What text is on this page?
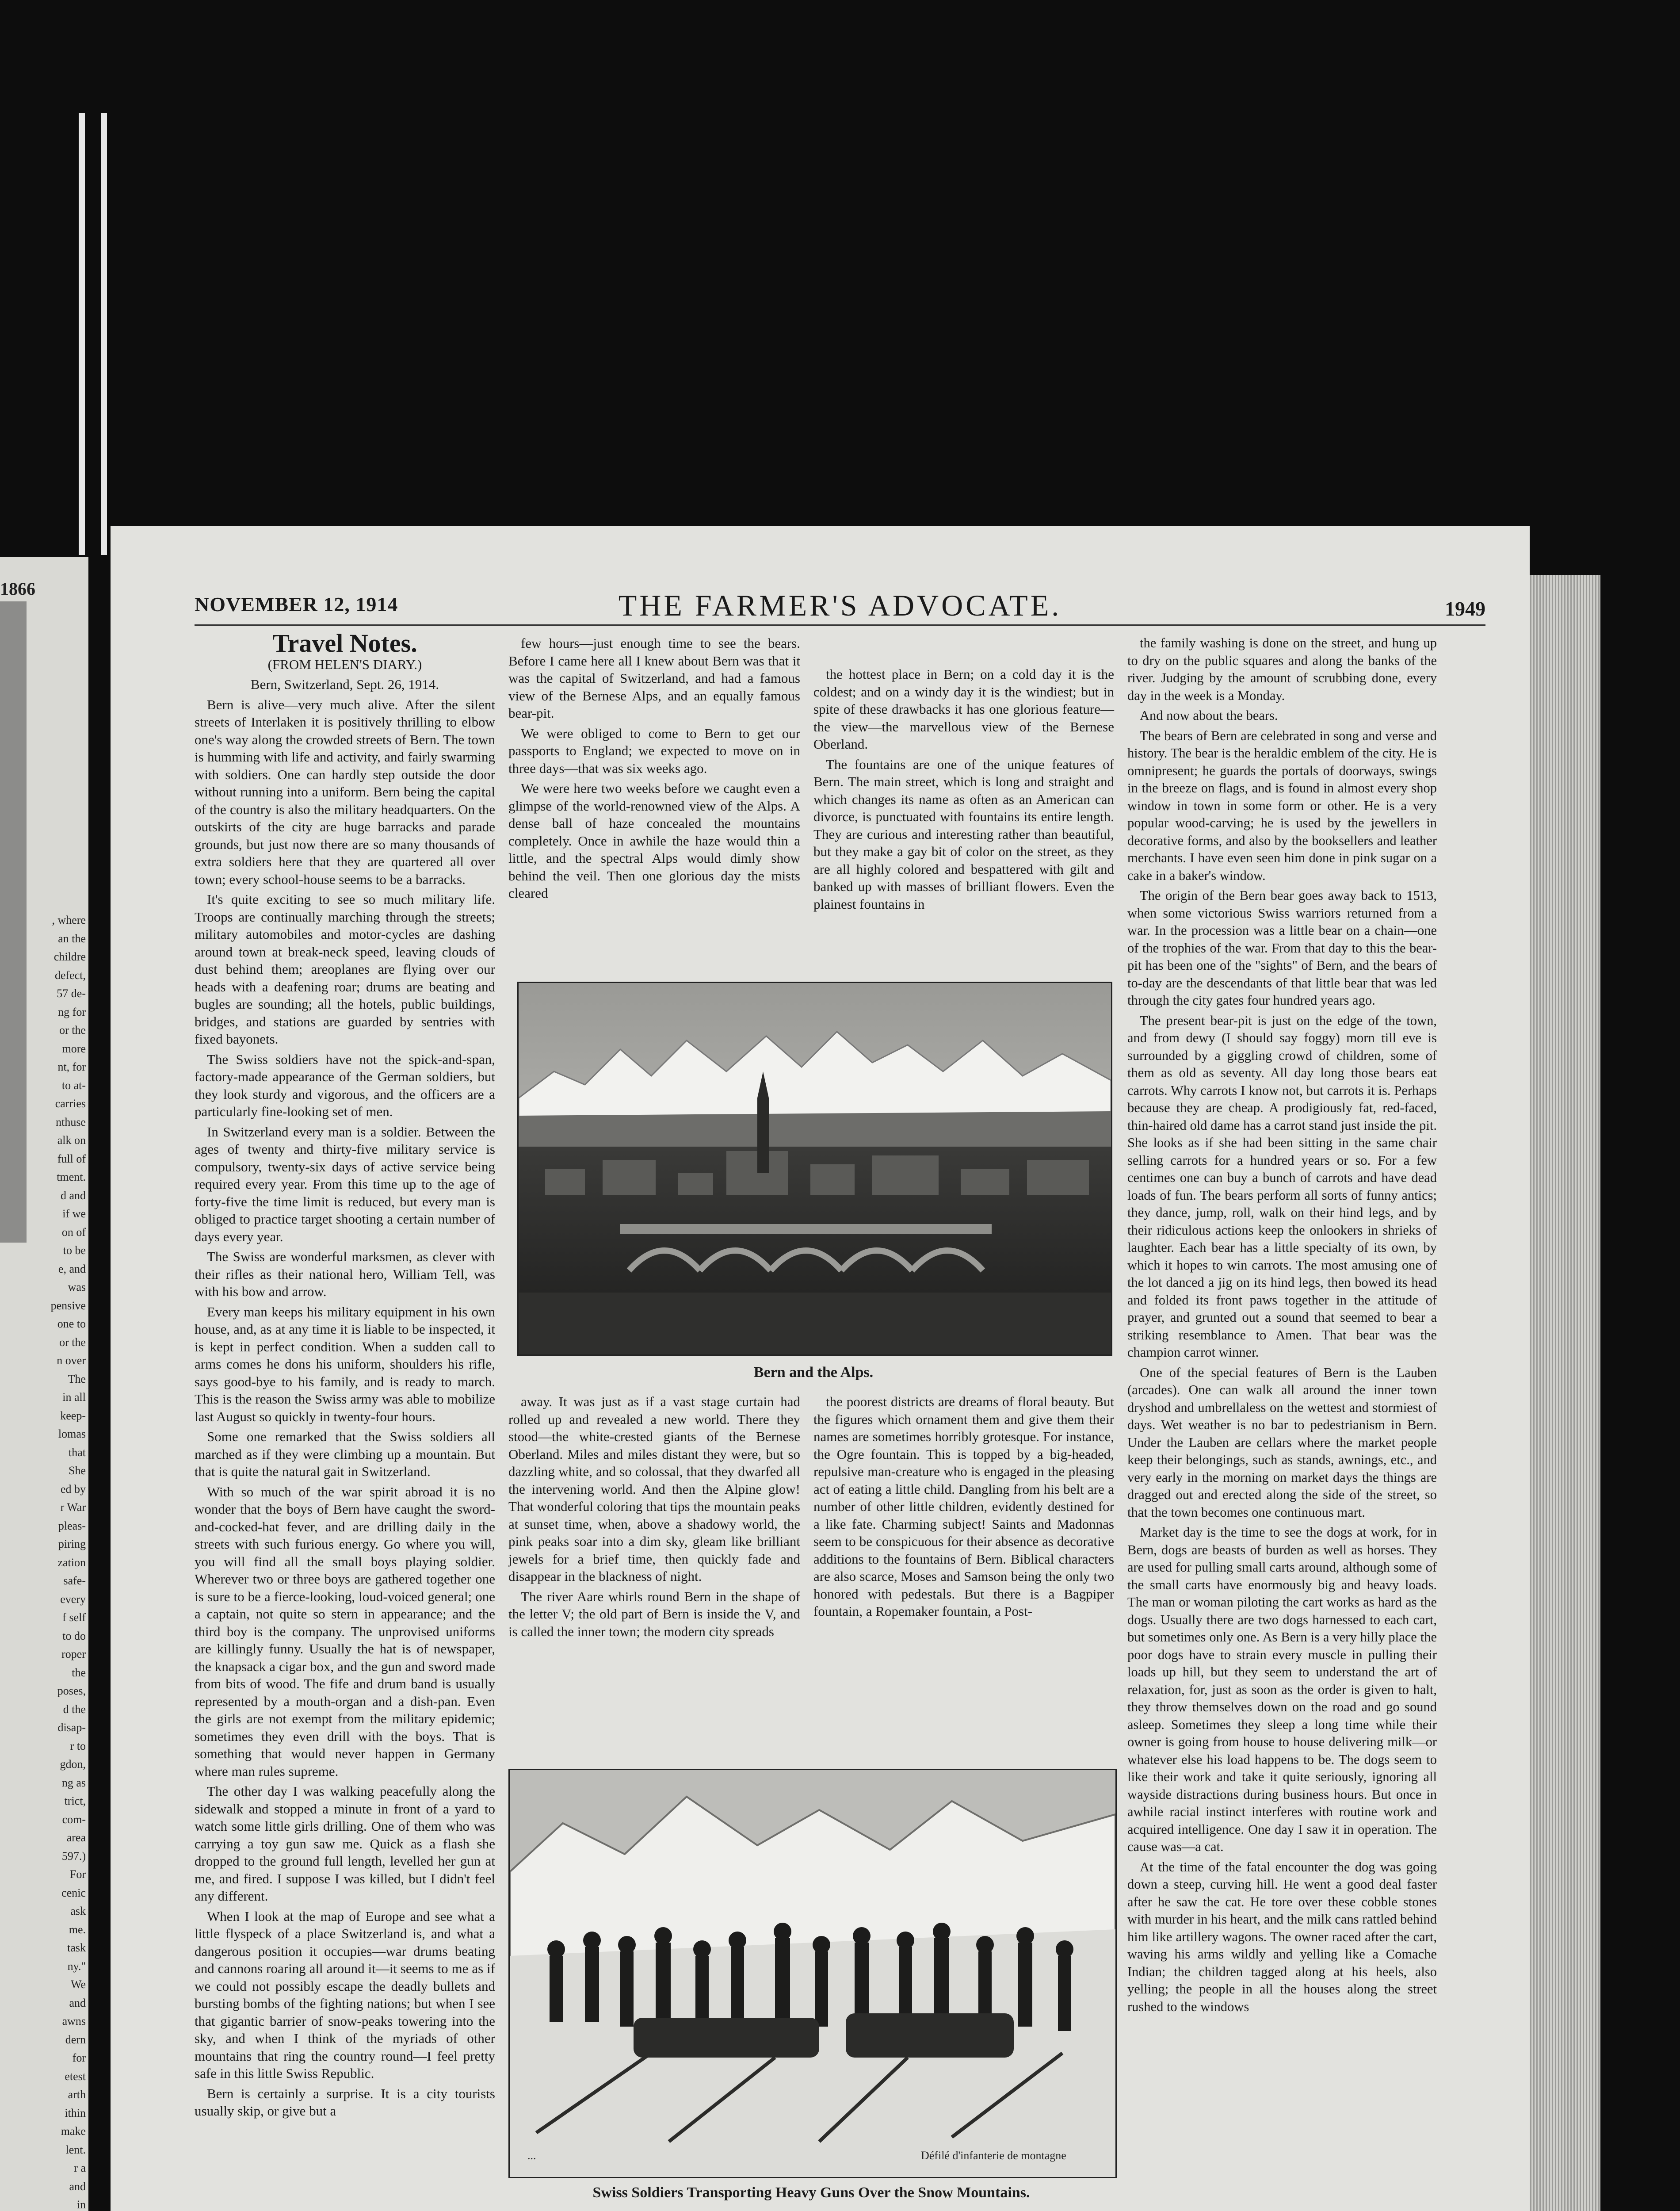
1866
, where
an the
childre
defect,
57 de-
ng for
or the
more
nt, for
to at-
carries
nthuse
alk on
full of
tment.
d and
if we
on of
to be
e, and
was
pensive
one to
or the
n over
The
in all
keep-
lomas
that
She
ed by
r War
pleas-
piring
zation
safe-
every
f self
to do
roper
the
poses,
d the
disap-
r to
gdon,
ng as
trict,
com-
area
597.)
For
cenic
ask
me.
task
ny."
We
and
awns
dern
for
etest
arth
ithin
make
lent.
r a
and
in
NOVEMBER 12, 1914	THE FARMER'S ADVOCATE.	1949
Travel Notes.

(FROM HELEN'S DIARY.)

Bern, Switzerland, Sept. 26, 1914.

Bern is alive—very much alive. After the silent streets of Interlaken it is positively thrilling to elbow one's way along the crowded streets of Bern. The town is humming with life and activity, and fairly swarming with soldiers. One can hardly step outside the door without running into a uniform. Bern being the capital of the country is also the military headquarters. On the outskirts of the city are huge barracks and parade grounds, but just now there are so many thousands of extra soldiers here that they are quartered all over town; every school-house seems to be a barracks.

It's quite exciting to see so much military life. Troops are continually marching through the streets; military automobiles and motor-cycles are dashing around town at break-neck speed, leaving clouds of dust behind them; areoplanes are flying over our heads with a deafening roar; drums are beating and bugles are sounding; all the hotels, public buildings, bridges, and stations are guarded by sentries with fixed bayonets.

The Swiss soldiers have not the spick-and-span, factory-made appearance of the German soldiers, but they look sturdy and vigorous, and the officers are a particularly fine-looking set of men.

In Switzerland every man is a soldier. Between the ages of twenty and thirty-five military service is compulsory, twenty-six days of active service being required every year. From this time up to the age of forty-five the time limit is reduced, but every man is obliged to practice target shooting a certain number of days every year.

The Swiss are wonderful marksmen, as clever with their rifles as their national hero, William Tell, was with his bow and arrow.

Every man keeps his military equipment in his own house, and, as at any time it is liable to be inspected, it is kept in perfect condition. When a sudden call to arms comes he dons his uniform, shoulders his rifle, says good-bye to his family, and is ready to march. This is the reason the Swiss army was able to mobilize last August so quickly in twenty-four hours.

Some one remarked that the Swiss soldiers all marched as if they were climbing up a mountain. But that is quite the natural gait in Switzerland.

With so much of the war spirit abroad it is no wonder that the boys of Bern have caught the sword-and-cocked-hat fever, and are drilling daily in the streets with such furious energy. Go where you will, you will find all the small boys playing soldier. Wherever two or three boys are gathered together one is sure to be a fierce-looking, loud-voiced general; one a captain, not quite so stern in appearance; and the third boy is the company. The unprovised uniforms are killingly funny. Usually the hat is of newspaper, the knapsack a cigar box, and the gun and sword made from bits of wood. The fife and drum band is usually represented by a mouth-organ and a dish-pan. Even the girls are not exempt from the military epidemic; sometimes they even drill with the boys. That is something that would never happen in Germany where man rules supreme.

The other day I was walking peacefully along the sidewalk and stopped a minute in front of a yard to watch some little girls drilling. One of them who was carrying a toy gun saw me. Quick as a flash she dropped to the ground full length, levelled her gun at me, and fired. I suppose I was killed, but I didn't feel any different.

When I look at the map of Europe and see what a little flyspeck of a place Switzerland is, and what a dangerous position it occupies—war drums beating and cannons roaring all around it—it seems to me as if we could not possibly escape the deadly bullets and bursting bombs of the fighting nations; but when I see that gigantic barrier of snow-peaks towering into the sky, and when I think of the myriads of other mountains that ring the country round—I feel pretty safe in this little Swiss Republic.

Bern is certainly a surprise. It is a city tourists usually skip, or give but a

few hours—just enough time to see the bears. Before I came here all I knew about Bern was that it was the capital of Switzerland, and had a famous view of the Bernese Alps, and an equally famous bear-pit.

We were obliged to come to Bern to get our passports to England; we expected to move on in three days—that was six weeks ago.

We were here two weeks before we caught even a glimpse of the world-renowned view of the Alps. A dense ball of haze concealed the mountains completely. Once in awhile the haze would thin a little, and the spectral Alps would dimly show behind the veil. Then one glorious day the mists cleared

the hottest place in Bern; on a cold day it is the coldest; and on a windy day it is the windiest; but in spite of these drawbacks it has one glorious feature—the view—the marvellous view of the Bernese Oberland.

The fountains are one of the unique features of Bern. The main street, which is long and straight and which changes its name as often as an American can divorce, is punctuated with fountains its entire length. They are curious and interesting rather than beautiful, but they make a gay bit of color on the street, as they are all highly colored and bespattered with gilt and banked up with masses of brilliant flowers. Even the plainest fountains in

Bern and the Alps.

away. It was just as if a vast stage curtain had rolled up and revealed a new world. There they stood—the white-crested giants of the Bernese Oberland. Miles and miles distant they were, but so dazzling white, and so colossal, that they dwarfed all the intervening world. And then the Alpine glow! That wonderful coloring that tips the mountain peaks at sunset time, when, above a shadowy world, the pink peaks soar into a dim sky, gleam like brilliant jewels for a brief time, then quickly fade and disappear in the blackness of night.

The river Aare whirls round Bern in the shape of the letter V; the old part of Bern is inside the V, and is called the inner town; the modern city spreads

the poorest districts are dreams of floral beauty. But the figures which ornament them and give them their names are sometimes horribly grotesque. For instance, the Ogre fountain. This is topped by a big-headed, repulsive man-creature who is engaged in the pleasing act of eating a little child. Dangling from his belt are a number of other little children, evidently destined for a like fate. Charming subject! Saints and Madonnas seem to be conspicuous for their absence as decorative additions to the fountains of Bern. Biblical characters are also scarce, Moses and Samson being the only two honored with pedestals. But there is a Bagpiper fountain, a Ropemaker fountain, a Post-

...	Défilé d'infanterie de montagne
Swiss Soldiers Transporting Heavy Guns Over the Snow Mountains.

the family washing is done on the street, and hung up to dry on the public squares and along the banks of the river. Judging by the amount of scrubbing done, every day in the week is a Monday.

And now about the bears.

The bears of Bern are celebrated in song and verse and history. The bear is the heraldic emblem of the city. He is omnipresent; he guards the portals of doorways, swings in the breeze on flags, and is found in almost every shop window in town in some form or other. He is a very popular wood-carving; he is used by the jewellers in decorative forms, and also by the booksellers and leather merchants. I have even seen him done in pink sugar on a cake in a baker's window.

The origin of the Bern bear goes away back to 1513, when some victorious Swiss warriors returned from a war. In the procession was a little bear on a chain—one of the trophies of the war. From that day to this the bear-pit has been one of the "sights" of Bern, and the bears of to-day are the descendants of that little bear that was led through the city gates four hundred years ago.

The present bear-pit is just on the edge of the town, and from dewy (I should say foggy) morn till eve is surrounded by a giggling crowd of children, some of them as old as seventy. All day long those bears eat carrots. Why carrots I know not, but carrots it is. Perhaps because they are cheap. A prodigiously fat, red-faced, thin-haired old dame has a carrot stand just inside the pit. She looks as if she had been sitting in the same chair selling carrots for a hundred years or so. For a few centimes one can buy a bunch of carrots and have dead loads of fun. The bears perform all sorts of funny antics; they dance, jump, roll, walk on their hind legs, and by their ridiculous actions keep the onlookers in shrieks of laughter. Each bear has a little specialty of its own, by which it hopes to win carrots. The most amusing one of the lot danced a jig on its hind legs, then bowed its head and folded its front paws together in the attitude of prayer, and grunted out a sound that seemed to bear a striking resemblance to Amen. That bear was the champion carrot winner.

One of the special features of Bern is the Lauben (arcades). One can walk all around the inner town dryshod and umbrellaless on the wettest and stormiest of days. Wet weather is no bar to pedestrianism in Bern. Under the Lauben are cellars where the market people keep their belongings, such as stands, awnings, etc., and very early in the morning on market days the things are dragged out and erected along the side of the street, so that the town becomes one continuous mart.

Market day is the time to see the dogs at work, for in Bern, dogs are beasts of burden as well as horses. They are used for pulling small carts around, although some of the small carts have enormously big and heavy loads. The man or woman piloting the cart works as hard as the dogs. Usually there are two dogs harnessed to each cart, but sometimes only one. As Bern is a very hilly place the poor dogs have to strain every muscle in pulling their loads up hill, but they seem to understand the art of relaxation, for, just as soon as the order is given to halt, they throw themselves down on the road and go sound asleep. Sometimes they sleep a long time while their owner is going from house to house delivering milk—or whatever else his load happens to be. The dogs seem to like their work and take it quite seriously, ignoring all wayside distractions during business hours. But once in awhile racial instinct interferes with routine work and acquired intelligence. One day I saw it in operation. The cause was—a cat.

At the time of the fatal encounter the dog was going down a steep, curving hill. He went a good deal faster after he saw the cat. He tore over these cobble stones with murder in his heart, and the milk cans rattled behind him like artillery wagons. The owner raced after the cart, waving his arms wildly and yelling like a Comache Indian; the children tagged along at his heels, also yelling; the people in all the houses along the street rushed to the windows
